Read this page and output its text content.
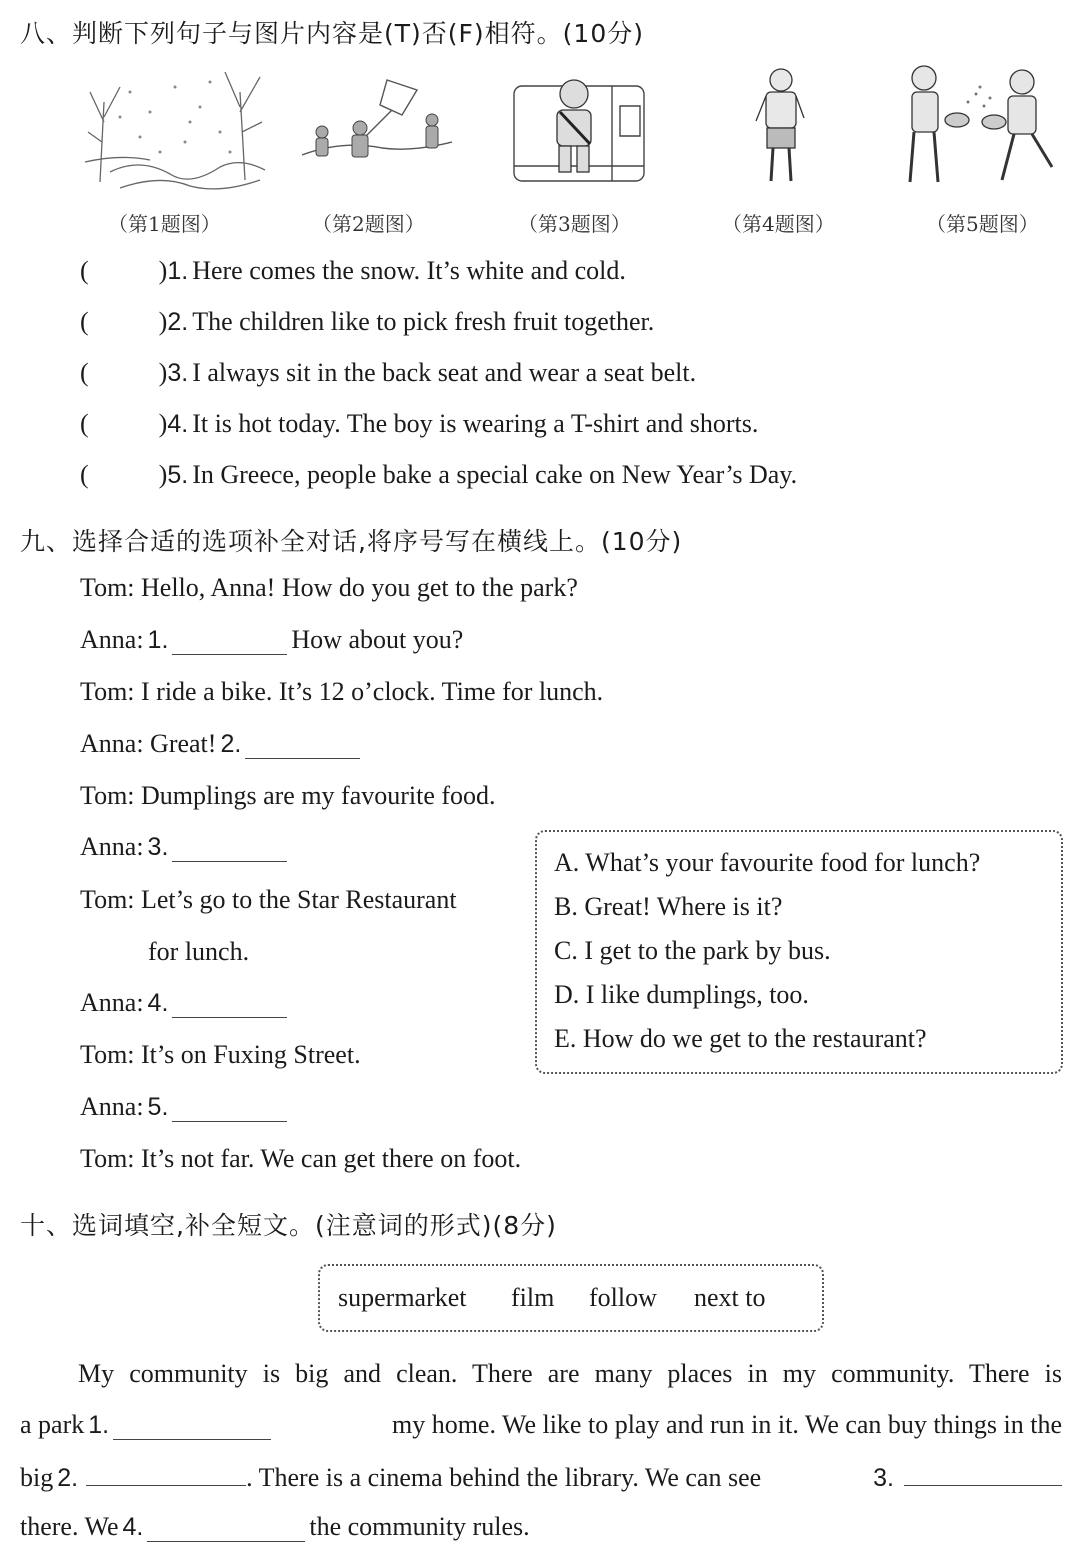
八、判断下列句子与图片内容是(T)否(F)相符。(10分)
（第1题图）	（第2题图）	（第3题图）	（第4题图）	（第5题图）
(	)1. Here comes the snow. It’s white and cold.
(	)2. The children like to pick fresh fruit together.
(	)3. I always sit in the back seat and wear a seat belt.
(	)4. It is hot today. The boy is wearing a T-shirt and shorts.
(	)5. In Greece, people bake a special cake on New Year’s Day.
九、选择合适的选项补全对话,将序号写在横线上。(10分)
Tom: Hello, Anna! How do you get to the park?
Anna: 1.	How about you?
Tom: I ride a bike. It’s 12 o’clock. Time for lunch.
Anna: Great! 2.
Tom: Dumplings are my favourite food.
Anna: 3.
Tom: Let’s go to the Star Restaurant
for lunch.
Anna: 4.
Tom: It’s on Fuxing Street.
Anna: 5.
Tom: It’s not far. We can get there on foot.
A. What’s your favourite food for lunch?
B. Great! Where is it?
C. I get to the park by bus.
D. I like dumplings, too.
E. How do we get to the restaurant?
十、选词填空,补全短文。(注意词的形式)(8分)
supermarket film follow next to
My community is big and clean. There are many places in my community. There is
a park 1.	my home. We like to play and run in it. We can buy things in the
big
2.	. There is a cinema behind the library. We can see	3.
there. We 4.	the community rules.
